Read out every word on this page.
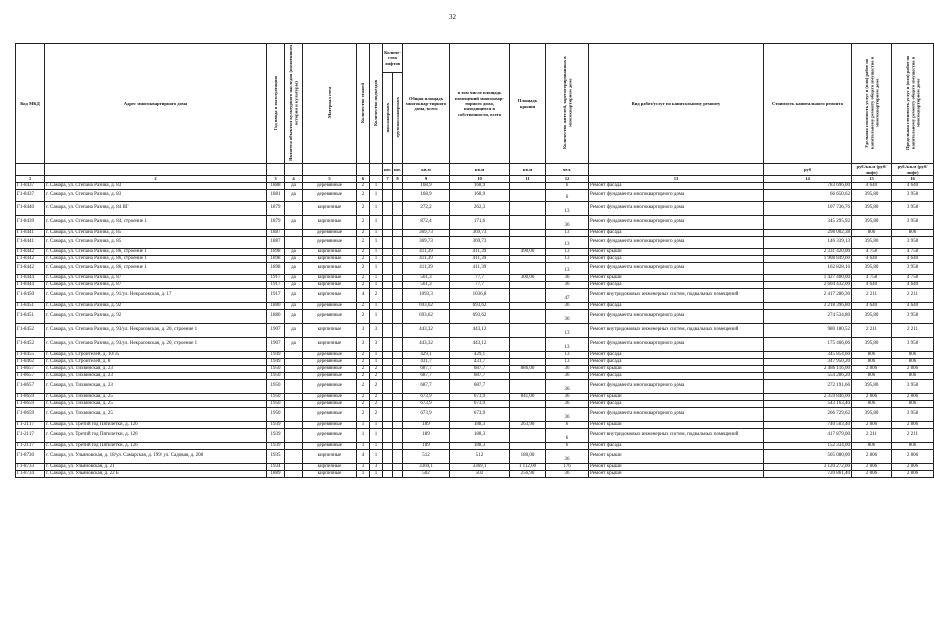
32
Код МКД	Адрес многоквартирного дома	Год ввода в эксплуатацию	Является объектом культурного наследия (памятником истории и культуры)	Материал стен	Количество этажей	Количество подъездов	Количе-ство лифтов		Общая площадь многоквар-тирного дома, всего	в том числе площадь помещений многоквар-тирного дома, находящихся в собственности, всего	Площадь крыши	Количество жителей, зарегистрированных в многоквартирном доме	Вид работ/услуг по капитальному ремонту	Стоимость капитального ремонта	Удельная стоимость услуг и (или) работ по капитальному ремонту общего имущества в многоквартирном доме	Предельная стоимость услуг и (или) работ по капитальному ремонту общего имущества в многоквартирном доме
							пассажирских	грузопассажирских								
							шт.	шт.	кв.м	кв.м	кв.м	чел.		руб	руб./кв.м (руб/лифт)	руб./кв.м (руб/лифт)
1	2	3	4	5	6		7	8	9	10	11	12	13	14	15	16
Г1-8437	г. Самара, ул. Степана Разина, д. 83	1888	да	деревянные	2	1			168,9	168,9		6	Ремонт фасада	783 696,00	4 640	4 640
Г1-8437	г. Самара, ул. Степана Разина, д. 83	1881	да	деревянные	2	1			168,9	168,9		6	Ремонт фундамента многоквартирного дома	66 650,62	395,80	3 958
Г1-8440	г. Самара, ул. Степана Разина, д. 84 ВГ	1879		кирпичные	2	1			272,2	262,3		13	Ремонт фундамента многоквартирного дома	107 736,76	395,80	3 958
Г1-8439	г. Самара, ул. Степана Разина, д. 84, строение 1	1879	да	кирпичные	2	1			872,4	171,6		36	Ремонт фундамента многоквартирного дома	345 295,92	395,80	3 958
Г1-8441	г. Самара, ул. Степана Разина, д. 85	1887		деревянные	2	1			369,73	369,73		13	Ремонт фасада	298 002,38	806	806
Г1-8441	г. Самара, ул. Степана Разина, д. 85	1887		деревянные	2	1			369,73	369,73		13	Ремонт фундамента многоквартирного дома	146 339,13	395,80	3 958
Г1-8442	г. Самара, ул. Степана Разина, д. 86, строение 1	1898	да	кирпичные	2	1			411,39	411,39	490,00	13	Ремонт крыши	2 331 420,00	4 758	4 758
Г1-8442	г. Самара, ул. Степана Разина, д. 86, строение 1	1898	да	кирпичные	2	1			411,39	411,39		13	Ремонт фасада	1 908 849,60	4 640	4 640
Г1-8442	г. Самара, ул. Степана Разина, д. 86, строение 1	1898	да	кирпичные	2	1			411,39	411,39		13	Ремонт фундамента многоквартирного дома	162 828,16	395,80	3 958
Г1-8444	г. Самара, ул. Степана Разина, д. 87	1917	да	кирпичные	2	1			561,3	77,7	300,00	36	Ремонт крыши	1 427 400,00	4 758	4 758
Г1-8444	г. Самара, ул. Степана Разина, д. 87	1917	да	кирпичные	2	1			561,3	77,7		36	Ремонт фасада	2 604 432,00	4 640	4 640
Г1-8450	г. Самара, ул. Степана Разина, д. 91/ул. Некрасовская, д. 17	1917	да	кирпичные	4	2			1093,3	1036,8		47	Ремонт внутридомовых инженерных систем, подвальных помещений	2 417 286,30	2 211	2 211
Г1-8451	г. Самара, ул. Степана Разина, д. 92	1880	да	деревянные	2	1			693,62	693,62		36	Ремонт фасада	3 218 396,80	4 640	4 640
Г1-8451	г. Самара, ул. Степана Разина, д. 92	1880	да	деревянные	2	1			693,62	693,62		36	Ремонт фундамента многоквартирного дома	274 534,80	395,80	3 958
Г1-8452	г. Самара, ул. Степана Разина, д. 93/ул. Некрасовская, д. 20, строение 1	1907	да	кирпичные	3	3			443,32	443,12		13	Ремонт внутридомовых инженерных систем, подвальных помещений	980 180,52	2 211	2 211
Г1-8452	г. Самара, ул. Степана Разина, д. 93/ул. Некрасовская, д. 20, строение 1	1907	да	кирпичные	3	3			443,32	443,12		13	Ремонт фундамента многоквартирного дома	175 466,06	395,80	3 958
Г1-8455	г. Самара, ул. Строителей, д. 10/35	1949		деревянные	2	1			429,1	429,1		13	Ремонт фасада	345 854,60	806	806
Г1-8462	г. Самара, ул. Строителей, д. 8	1949		деревянные	2	1			431,7	431,7		13	Ремонт фасада	347 950,20	806	806
Г1-8657	г. Самара, ул. Тихвинская, д. 23	1950		деревянные	2	2			687,7	687,7	886,00	36	Ремонт крыши	2 486 116,00	2 806	2 806
Г1-8657	г. Самара, ул. Тихвинская, д. 23	1950		деревянные	2	2			687,7	687,7		36	Ремонт фасада	554 286,20	806	806
Г1-8657	г. Самара, ул. Тихвинская, д. 23	1950		деревянные	2	2			687,7	687,7		36	Ремонт фундамента многоквартирного дома	272 191,66	395,80	3 958
Г1-8659	г. Самара, ул. Тихвинская, д. 25	1950		деревянные	2	2			673,9	673,9	841,00	36	Ремонт крыши	2 359 846,00	2 806	2 806
Г1-8659	г. Самара, ул. Тихвинская, д. 25	1950		деревянные	2	2			673,9	673,9		36	Ремонт фасада	543 163,40	806	806
Г1-8659	г. Самара, ул. Тихвинская, д. 25	1950		деревянные	2	2			673,9	673,9		36	Ремонт фундамента многоквартирного дома	266 729,62	395,80	3 958
Г1-2117	г. Самара, ул. Третий год Пятилетки, д. 126	1939		деревянные	1	1			189	188,3	263,90	6	Ремонт крыши	740 503,40	2 806	2 806
Г1-2117	г. Самара, ул. Третий год Пятилетки, д. 126	1939		деревянные	1	1			189	188,3		6	Ремонт внутридомовых инженерных систем, подвальных помещений	417 879,00	2 211	2 211
Г1-2117	г. Самара, ул. Третий год Пятилетки, д. 126	1939		деревянные	1	1			189	188,3		6	Ремонт фасада	152 334,00	806	806
Г1-8730	г. Самара, ул. Ульяновская, д. 18/ул. Самарская, д. 199/ ул. Садовая, д. 208	1935		кирпичные	4	1			512	512	180,00	36	Ремонт крыши	505 080,00	2 806	2 806
Г1-8733	г. Самара, ул. Ульяновская, д. 21	1934		кирпичные	3	3			3369,1	3369,1	1 112,00	176	Ремонт крыши	3 120 272,00	2 806	2 806
Г1-8734	г. Самара, ул. Ульяновская, д. 22 Б	1889		кирпичные	1	1			502	502	256,90	36	Ремонт крыши	720 861,40	2 806	2 806
